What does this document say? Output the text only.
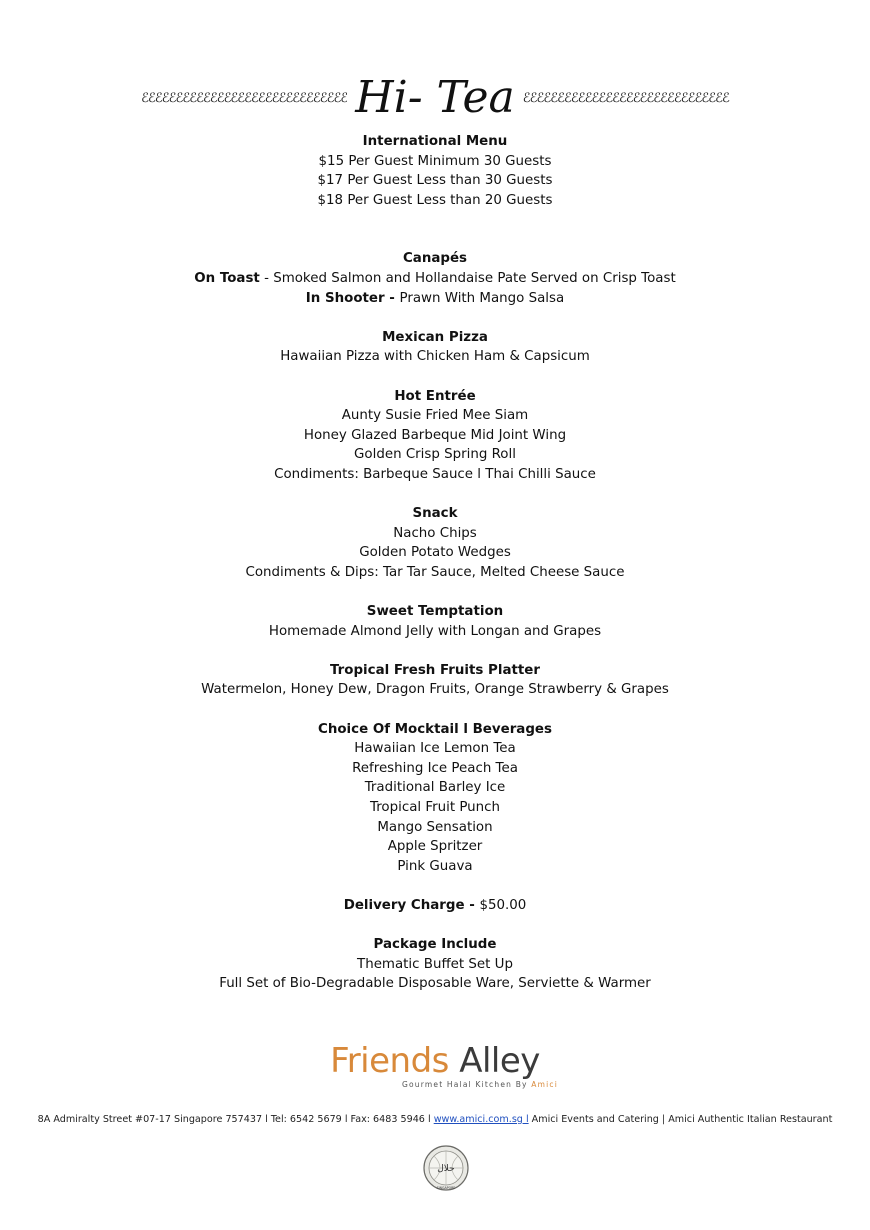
ℰℰℰℰℰℰℰℰℰℰℰℰℰℰℰℰℰℰℰℰℰℰℰℰℰℰℰℰℰℰ Hi- Tea ℰℰℰℰℰℰℰℰℰℰℰℰℰℰℰℰℰℰℰℰℰℰℰℰℰℰℰℰℰℰ
International Menu
$15 Per Guest Minimum 30 Guests
$17 Per Guest Less than 30 Guests
$18 Per Guest Less than 20 Guests
Canapés
On Toast - Smoked Salmon and Hollandaise Pate Served on Crisp Toast
In Shooter - Prawn With Mango Salsa
Mexican Pizza
Hawaiian Pizza with Chicken Ham & Capsicum
Hot Entrée
Aunty Susie Fried Mee Siam
Honey Glazed Barbeque Mid Joint Wing
Golden Crisp Spring Roll
Condiments: Barbeque Sauce l Thai Chilli Sauce
Snack
Nacho Chips
Golden Potato Wedges
Condiments & Dips: Tar Tar Sauce, Melted Cheese Sauce
Sweet Temptation
Homemade Almond Jelly with Longan and Grapes
Tropical Fresh Fruits Platter
Watermelon, Honey Dew, Dragon Fruits, Orange Strawberry & Grapes
Choice Of Mocktail l Beverages
Hawaiian Ice Lemon Tea
Refreshing Ice Peach Tea
Traditional Barley Ice
Tropical Fruit Punch
Mango Sensation
Apple Spritzer
Pink Guava
Delivery Charge - $50.00
Package Include
Thematic Buffet Set Up
Full Set of Bio-Degradable Disposable Ware, Serviette & Warmer
Friends Alley
Gourmet Halal Kitchen By Amici
8A Admiralty Street #07-17 Singapore 757437 l Tel: 6542 5679 l Fax: 6483 5946 l www.amici.com.sg l Amici Events and Catering | Amici Authentic Italian Restaurant
حلال
SINGAPORE
